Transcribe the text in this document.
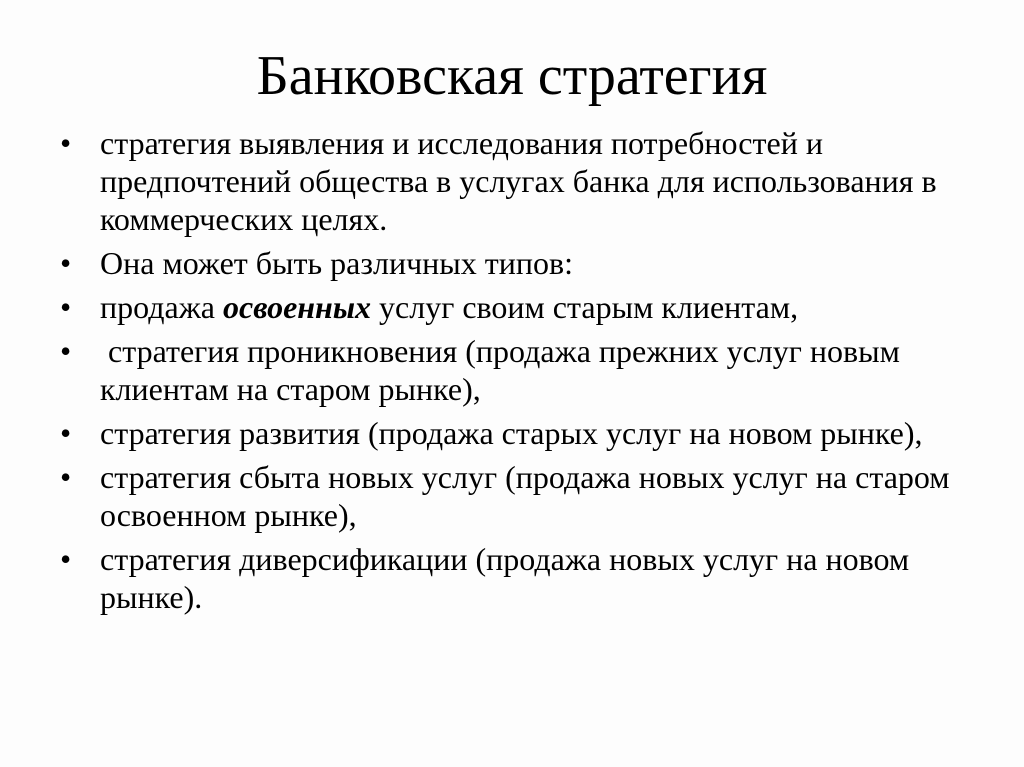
Банковская стратегия
• стратегия выявления и исследования потребностей и предпочтений общества в услугах банка для использования в коммерческих целях.
• Она может быть различных типов:
• продажа освоенных услуг своим старым клиентам,
• стратегия проникновения (продажа прежних услуг новым клиентам на старом рынке),
• стратегия развития (продажа старых услуг на новом рынке),
• стратегия сбыта новых услуг (продажа новых услуг на старом освоенном рынке),
• стратегия диверсификации (продажа новых услуг на новом рынке).
